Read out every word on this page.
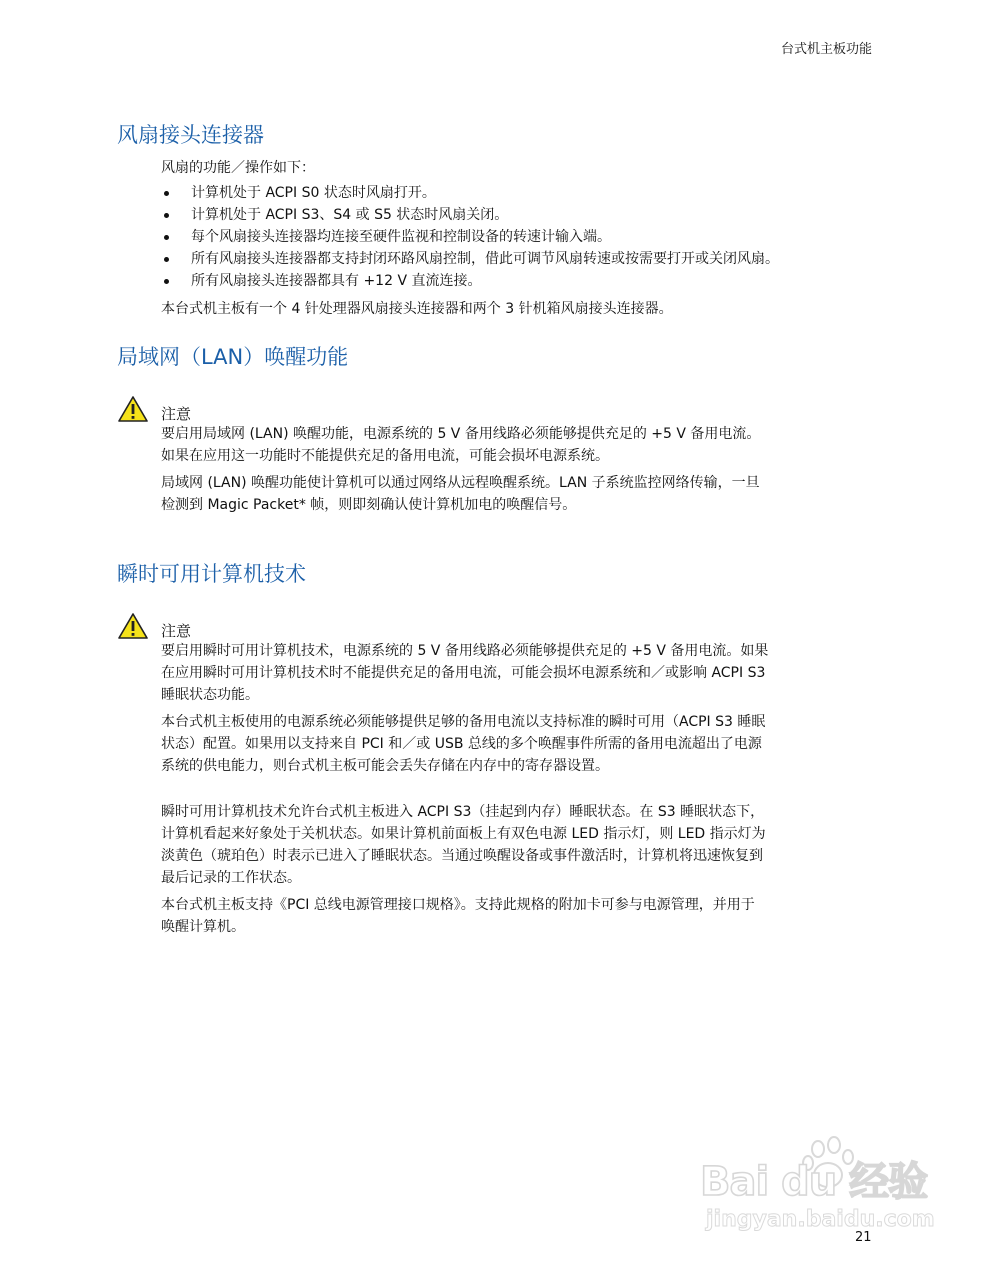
台式机主板功能
风扇接头连接器

风扇的功能／操作如下：

计算机处于 ACPI S0 状态时风扇打开。
计算机处于 ACPI S3、S4 或 S5 状态时风扇关闭。
每个风扇接头连接器均连接至硬件监视和控制设备的转速计输入端。
所有风扇接头连接器都支持封闭环路风扇控制，借此可调节风扇转速或按需要打开或关闭风扇。
所有风扇接头连接器都具有 +12 V 直流连接。

本台式机主板有一个 4 针处理器风扇接头连接器和两个 3 针机箱风扇接头连接器。

局域网（LAN）唤醒功能
注意

要启用局域网 (LAN) 唤醒功能，电源系统的 5 V 备用线路必须能够提供充足的 +5 V 备用电流。

如果在应用这一功能时不能提供充足的备用电流，可能会损坏电源系统。

局域网 (LAN) 唤醒功能使计算机可以通过网络从远程唤醒系统。LAN 子系统监控网络传输，一旦

检测到 Magic Packet* 帧，则即刻确认使计算机加电的唤醒信号。

瞬时可用计算机技术
注意

要启用瞬时可用计算机技术，电源系统的 5 V 备用线路必须能够提供充足的 +5 V 备用电流。如果

在应用瞬时可用计算机技术时不能提供充足的备用电流，可能会损坏电源系统和／或影响 ACPI S3

睡眠状态功能。

本台式机主板使用的电源系统必须能够提供足够的备用电流以支持标准的瞬时可用（ACPI S3 睡眠

状态）配置。如果用以支持来自 PCI 和／或 USB 总线的多个唤醒事件所需的备用电流超出了电源

系统的供电能力，则台式机主板可能会丢失存储在内存中的寄存器设置。

瞬时可用计算机技术允许台式机主板进入 ACPI S3（挂起到内存）睡眠状态。在 S3 睡眠状态下，

计算机看起来好象处于关机状态。如果计算机前面板上有双色电源 LED 指示灯，则 LED 指示灯为

淡黄色（琥珀色）时表示已进入了睡眠状态。当通过唤醒设备或事件激活时，计算机将迅速恢复到

最后记录的工作状态。

本台式机主板支持《PCI 总线电源管理接口规格》。支持此规格的附加卡可参与电源管理，并用于

唤醒计算机。

Bai du 经验
jingyan.baidu.com
21
